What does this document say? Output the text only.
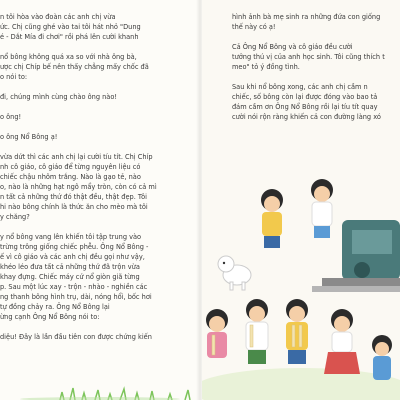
n tôi hòa vào đoàn các anh chị vừa

ức. Chị cũng ghé vào tai tôi hát nhỏ "Dung

é - Dắt Mía đi chơi" rồi phá lên cười khanh

nổ bông không quá xa so với nhà ông bà,

ược chị Chíp bế nên thấy chẳng mấy chốc đã

o nói to:

đi, chúng mình cùng chào ông nào!

o ông!

o ông Nổ Bông ạ!

vừa dứt thì các anh chị lại cười tíu tít. Chị Chíp

nh cô giáo, cô giáo để từng nguyên liệu có

chiếc chậu nhôm trắng. Nào là gạo tẻ, nào

o, nào là những hạt ngô mẩy tròn, còn có cả mì

n tất cả những thứ đó thật đều, thật đẹp. Tôi

hi nào bông chính là thức ăn cho mèo mà tôi

y chăng?

y nổ bông vang lên khiến tôi tập trung vào

trừng trông giống chiếc phễu. Ông Nổ Bông -

ế vì cô giáo và các anh chị đều gọi như vậy,

khéo léo đưa tất cả những thứ đã trộn vừa

khay đựng. Chiếc máy cứ nổ giòn giã từng

p. Sau một lúc xay - trộn - nhào - nghiền các

ng thanh bông hình trụ, dài, nóng hổi, bốc hơi

tự đồng chảy ra. Ông Nổ Bông lại

ừng cạnh Ông Nổ Bông nói to:

diệu! Đây là lần đầu tiên con được chứng kiến

hình ảnh bà mẹ sinh ra những đứa con giống

thế này có ạ!

Cả Ông Nổ Bông và cô giáo đều cười

tưởng thú vị của anh học sinh. Tôi cũng thích t

meo" tỏ ý đồng tình.

Sau khi nổ bông xong, các anh chị cầm n

chiếc, số bông còn lại được đóng vào bao tả

đám cầm ơn Ông Nổ Bông rồi lại tíu tít quay

cười nói rộn ràng khiến cả con đường làng xó
